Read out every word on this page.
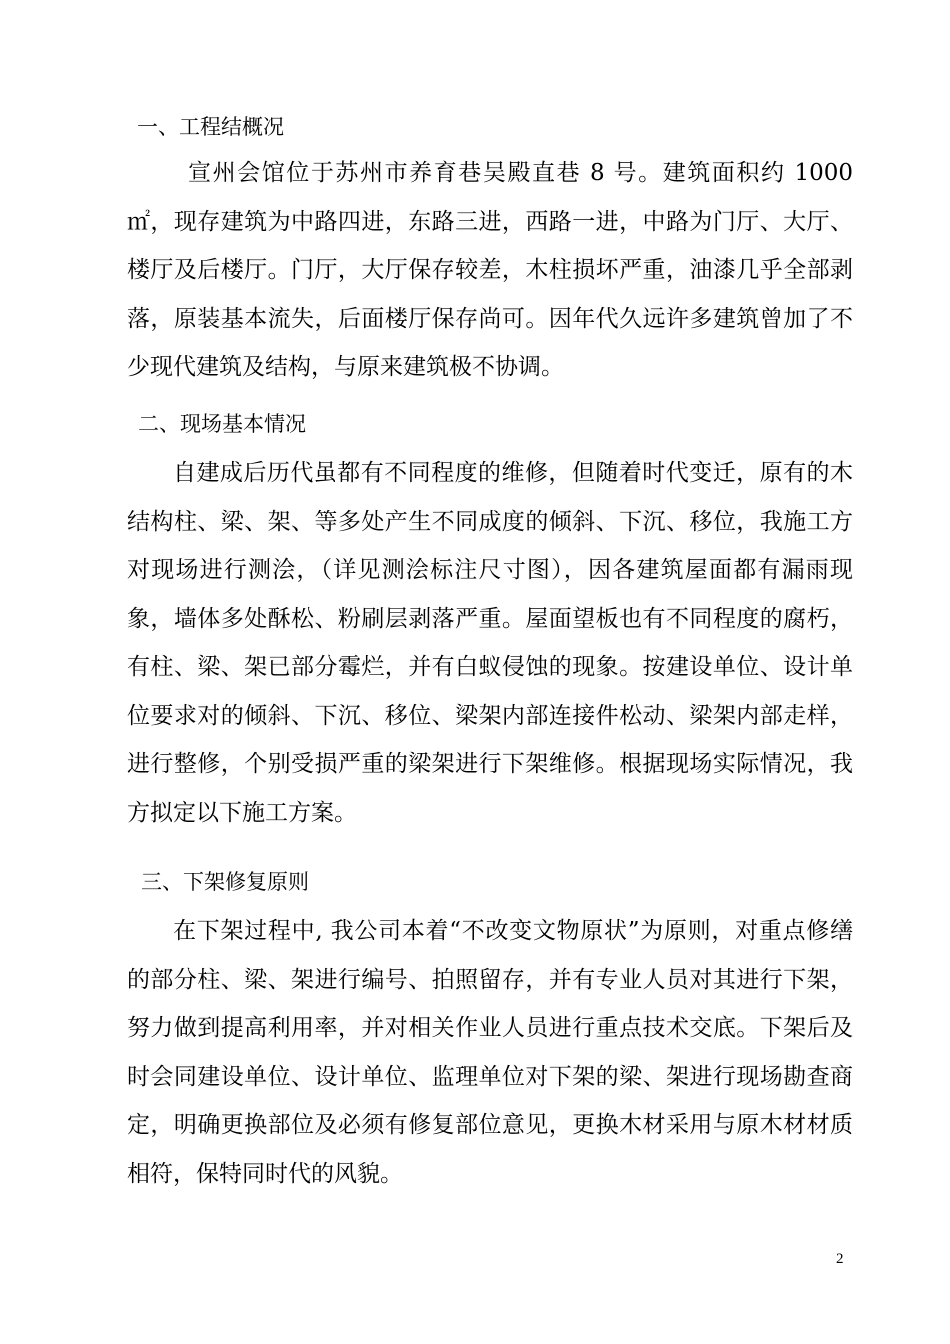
一、工程结概况

宣州会馆位于苏州市养育巷吴殿直巷 8 号。建筑面积约 1000 ㎡，现存建筑为中路四进，东路三进，西路一进，中路为门厅、大厅、楼厅及后楼厅。门厅，大厅保存较差，木柱损坏严重，油漆几乎全部剥落，原装基本流失，后面楼厅保存尚可。因年代久远许多建筑曾加了不少现代建筑及结构，与原来建筑极不协调。

二、现场基本情况

自建成后历代虽都有不同程度的维修，但随着时代变迁，原有的木结构柱、梁、架、等多处产生不同成度的倾斜、下沉、移位，我施工方对现场进行测浍，（详见测浍标注尺寸图），因各建筑屋面都有漏雨现象，墙体多处酥松、粉刷层剥落严重。屋面望板也有不同程度的腐朽，有柱、梁、架已部分霉烂，并有白蚁侵蚀的现象。按建设单位、设计单位要求对的倾斜、下沉、移位、梁架内部连接件松动、梁架内部走样，进行整修，个别受损严重的梁架进行下架维修。根据现场实际情况，我方拟定以下施工方案。

三、下架修复原则

在下架过程中, 我公司本着“不改变文物原状”为原则，对重点修缮的部分柱、梁、架进行编号、拍照留存，并有专业人员对其进行下架，努力做到提高利用率，并对相关作业人员进行重点技术交底。下架后及时会同建设单位、设计单位、监理单位对下架的梁、架进行现场勘查商定，明确更换部位及必须有修复部位意见，更换木材采用与原木材材质相符，保特同时代的风貌。

2
